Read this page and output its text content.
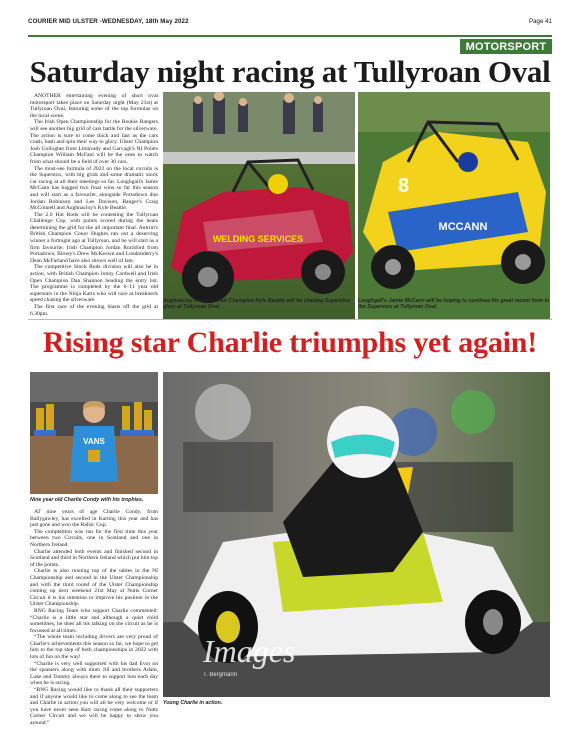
COURIER MID ULSTER -WEDNESDAY, 18th May 2022	Page 41
MOTORSPORT
Saturday night racing at Tullyroan Oval

ANOTHER entertaining evening of short oval motorsport takes place on Saturday night (May 21st) at Tullyroan Oval, featuring some of the top formulas on the local scene.

The Irish Open Championship for the Rookie Bangers will see another big grid of cars battle for the silverware. The action is sure to come thick and fast as the cars crash, bash and spin their way to glory. Ulster Champion Josh Gollogher from Limavady and Garvagh's NI Points Champion William McFaul will be the ones to watch from what should be a field of over 30 cars.

The must-see formula of 2022 on the local circuits is the Superstox, with big grids and some dramatic stock car racing at all their meetings so far. Loughgall's Jamie McCann has bagged two final wins so far this season and will start as a favourite, alongside Portadown duo Jordan Robinson and Lee Davison, Banger's Craig McConnell and Aughnacloy's Kyle Beattie.

The 2.0 Hot Rods will be contesting the Tullyroan Challenge Cup, with points scored during the heats determining the grid for the all important final. Antrim's British Champion Conor Hughes ran out a deserving winner a fortnight ago at Tullyroan, and he will start as a firm favourite. Irish Champion Jordan Rochford from Portadown, Birney's Drew McKeown and Londonderry's Dean McFarland have also shown well of late.

The competitive Stock Rods division will also be in action, with British Champion Jonny Cardwell and Irish Open Champion Dan Shannon heading the entry list. The programme is completed by the 6–11 year old superstars in the Ninja Karts who will race at breakneck speed chasing the silverware.

The first race of the evening blasts off the grid at 6.30pm.

WELDING SERVICES
8
MCCANN
Aughnacloy's former Irish Champion Kyle Beattie will be chasing Superstox glory at Tullyroan Oval.
Loughgall's Jamie McCann will be hoping to continue his great recent form in the Superstox at Tullyroan Oval.
Rising star Charlie triumphs yet again!
VANS
Nine year old Charlie Condy with his trophies.

AT nine years of age Charlie Condy, from Ballygawley, has excelled in Karting this year and has just gone and won the Rafsic Cup.

The competition was run for the first time this year between two Circuits, one in Scotland and one in Northern Ireland.

Charlie attended both events and finished second in Scotland and third in Northern Ireland which put him top of the points.

Charlie is also running top of the tables in the NI Championship and second in the Ulster Championship and with the third round of the Ulster Championship coming up next weekend 21st May at Nutts Corner Circuit it is his intention to improve his position in the Ulster Championship.

RNG Racing Team who support Charlie commented: “Charlie is a little star and although a quiet child sometimes, he does all his talking on the circuit as he is focussed at all times.

“The whole team including drivers are very proud of Charlie's achievements this season so far, we hope to get him to the top step of both championships in 2022 with lots of fun on the way!

“Charlie is very well supported with his dad Evor on the spanners along with mum Jill and brothers Adam, Luke and Tommy always there to support him each day when he is racing.

“RNG Racing would like to thank all their supporters and if anyone would like to come along to see the team and Charlie in action you will all be very welcome or if you have never seen Kart racing come along to Nutts Corner Circuit and we will be happy to show you around.”

Images
T. Bergmann
Young Charlie in action.
